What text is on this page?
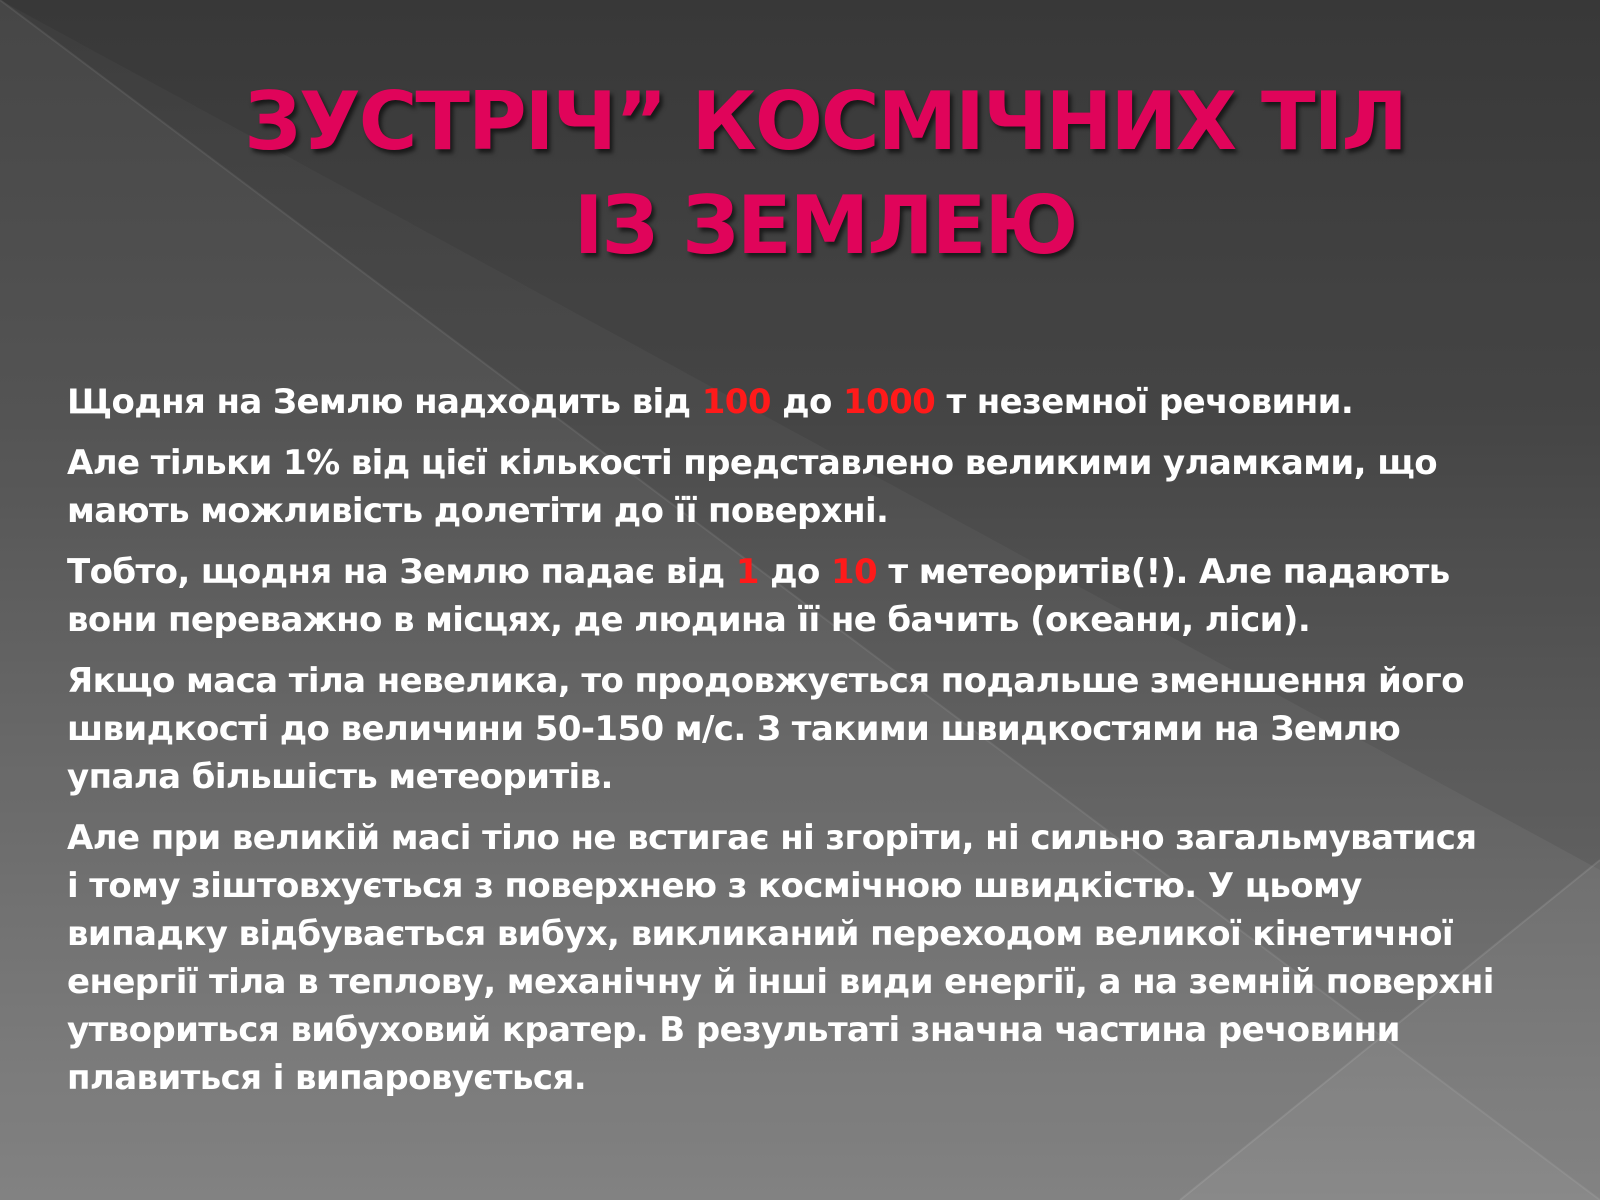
ЗУСТРІЧ” КОСМІЧНИХ ТІЛ ІЗ ЗЕМЛЕЮ

Щодня на Землю надходить від 100 до 1000 т неземної речовини.

Але тільки 1% від цієї кількості представлено великими уламками, що мають можливість долетіти до її поверхні.

Тобто, щодня на Землю падає від 1 до 10 т метеоритів(!). Але падають вони переважно в місцях, де людина її не бачить (океани, ліси).

Якщо маса тіла невелика, то продовжується подальше зменшення його швидкості до величини 50-150 м/с. З такими швидкостями на Землю упала більшість метеоритів.

Але при великій масі тіло не встигає ні згоріти, ні сильно загальмуватися і тому зіштовхується з поверхнею з космічною швидкістю. У цьому випадку відбувається вибух, викликаний переходом великої кінетичної енергії тіла в теплову, механічну й інші види енергії, а на земній поверхні утвориться вибуховий кратер. В результаті значна частина речовини плавиться і випаровується.
